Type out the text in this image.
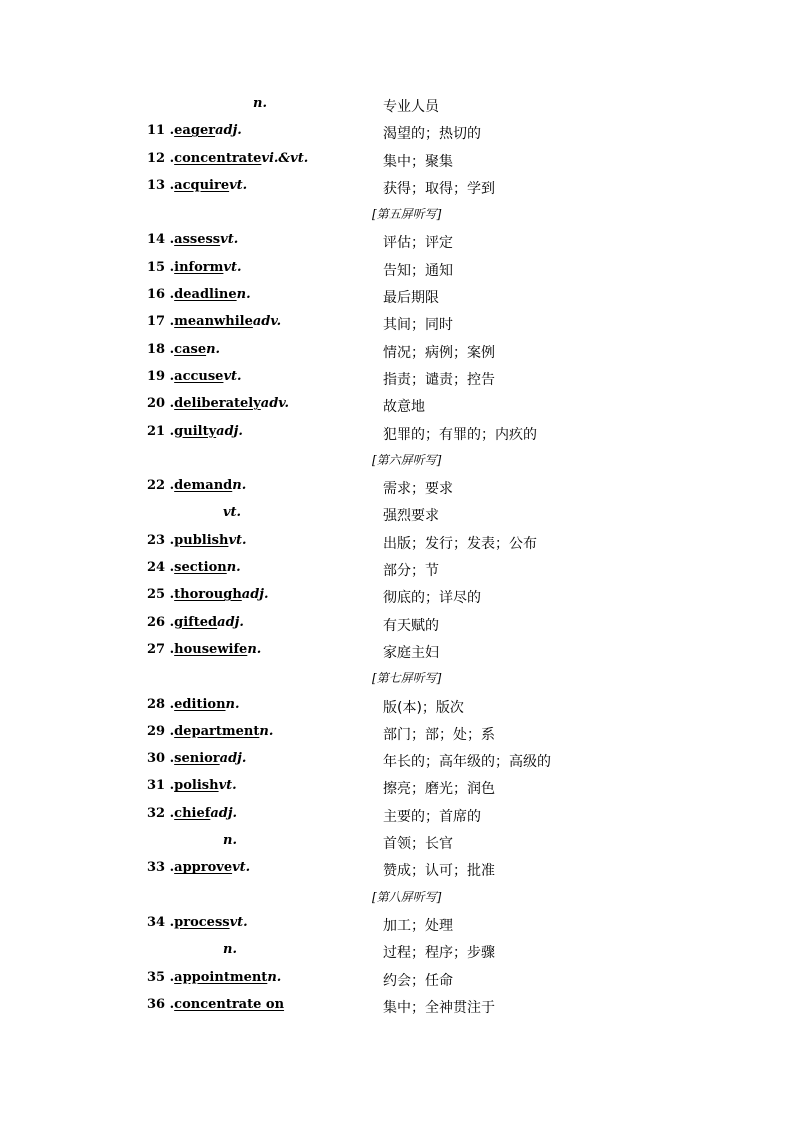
n.	专业人员
11 .eageradj.	渴望的；热切的
12 .concentratevi.&vt.	集中；聚集
13 .acquirevt.	获得；取得；学到
[第五屏听写]
14 .assessvt.	评估；评定
15 .informvt.	告知；通知
16 .deadlinen.	最后期限
17 .meanwhileadv.	其间；同时
18 .casen.	情况；病例；案例
19 .accusevt.	指责；谴责；控告
20 .deliberatelyadv.	故意地
21 .guiltyadj.	犯罪的；有罪的；内疚的
[第六屏听写]
22 .demandn.	需求；要求
vt.	强烈要求
23 .publishvt.	出版；发行；发表；公布
24 .sectionn.	部分；节
25 .thoroughadj.	彻底的；详尽的
26 .giftedadj.	有天赋的
27 .housewifen.	家庭主妇
[第七屏听写]
28 .editionn.	版(本)；版次
29 .departmentn.	部门；部；处；系
30 .senioradj.	年长的；高年级的；高级的
31 .polishvt.	擦亮；磨光；润色
32 .chiefadj.	主要的；首席的
n.	首领；长官
33 .approvevt.	赞成；认可；批准
[第八屏听写]
34 .processvt.	加工；处理
n.	过程；程序；步骤
35 .appointmentn.	约会；任命
36 .concentrate on	集中；全神贯注于
